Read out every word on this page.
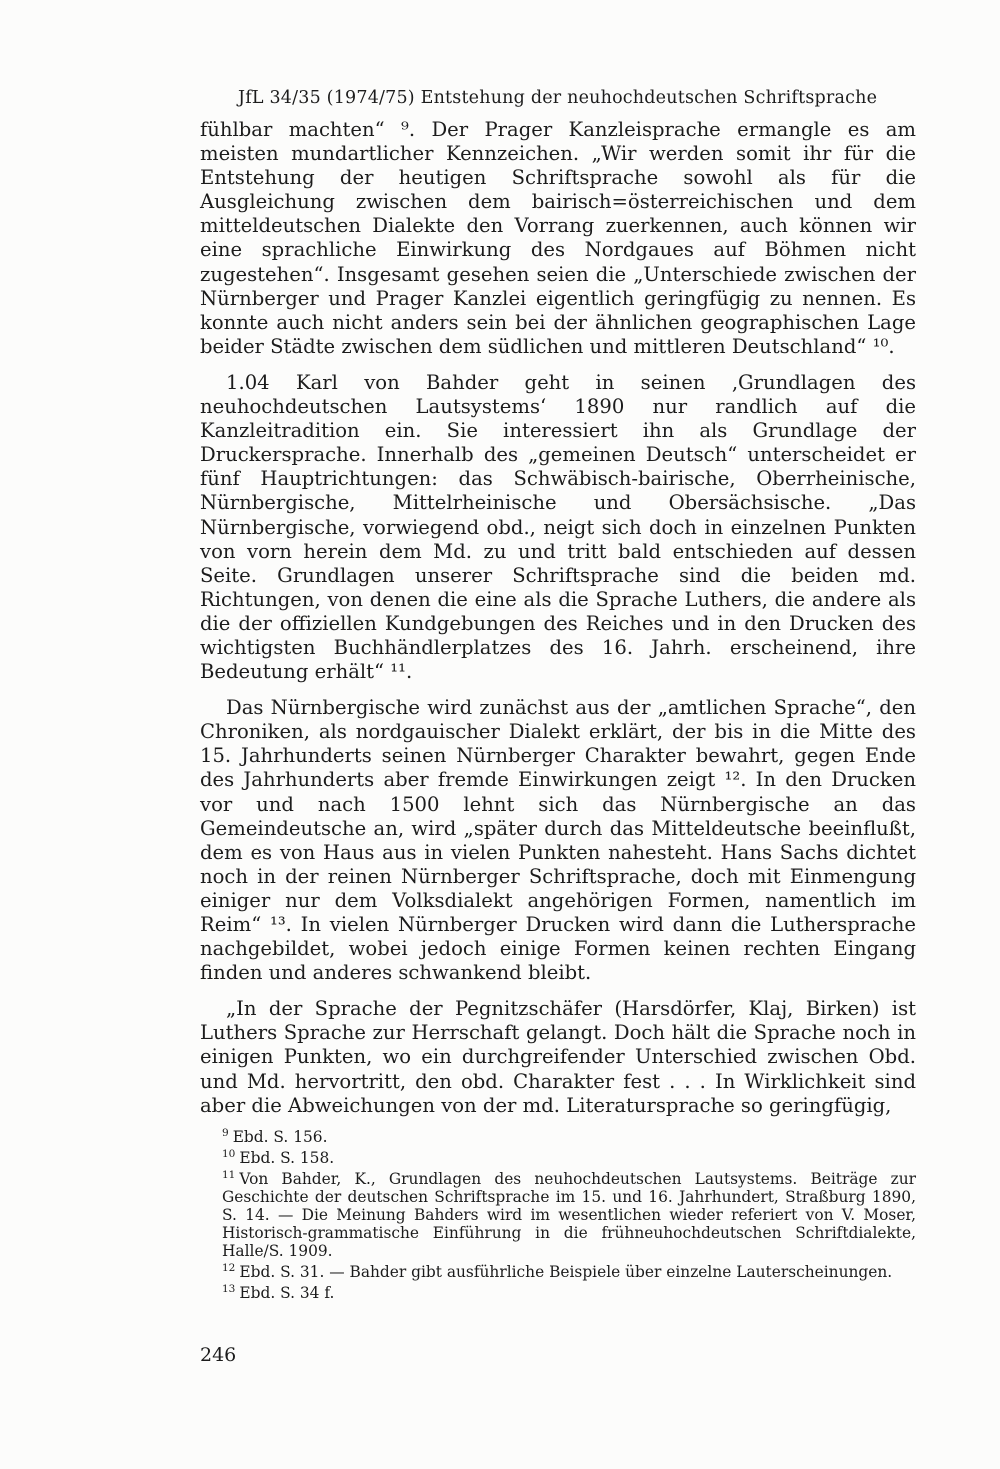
JfL 34/35 (1974/75) Entstehung der neuhochdeutschen Schriftsprache

fühlbar machten“ ⁹. Der Prager Kanzleisprache ermangle es am meisten mundartlicher Kennzeichen. „Wir werden somit ihr für die Entstehung der heutigen Schriftsprache sowohl als für die Ausgleichung zwischen dem bairisch=österreichischen und dem mitteldeutschen Dialekte den Vorrang zuerkennen, auch können wir eine sprachliche Einwirkung des Nordgaues auf Böhmen nicht zugestehen“. Insgesamt gesehen seien die „Unterschiede zwischen der Nürnberger und Prager Kanzlei eigentlich geringfügig zu nennen. Es konnte auch nicht anders sein bei der ähnlichen geographischen Lage beider Städte zwischen dem südlichen und mittleren Deutschland“ ¹⁰.

1.04 Karl von Bahder geht in seinen ‚Grundlagen des neuhochdeutschen Lautsystems‘ 1890 nur randlich auf die Kanzleitradition ein. Sie interessiert ihn als Grundlage der Druckersprache. Innerhalb des „gemeinen Deutsch“ unterscheidet er fünf Hauptrichtungen: das Schwäbisch-bairische, Oberrheinische, Nürnbergische, Mittelrheinische und Obersächsische. „Das Nürnbergische, vorwiegend obd., neigt sich doch in einzelnen Punkten von vorn herein dem Md. zu und tritt bald entschieden auf dessen Seite. Grundlagen unserer Schriftsprache sind die beiden md. Richtungen, von denen die eine als die Sprache Luthers, die andere als die der offiziellen Kundgebungen des Reiches und in den Drucken des wichtigsten Buchhändlerplatzes des 16. Jahrh. erscheinend, ihre Bedeutung erhält“ ¹¹.

Das Nürnbergische wird zunächst aus der „amtlichen Sprache“, den Chroniken, als nordgauischer Dialekt erklärt, der bis in die Mitte des 15. Jahrhunderts seinen Nürnberger Charakter bewahrt, gegen Ende des Jahrhunderts aber fremde Einwirkungen zeigt ¹². In den Drucken vor und nach 1500 lehnt sich das Nürnbergische an das Gemeindeutsche an, wird „später durch das Mitteldeutsche beeinflußt, dem es von Haus aus in vielen Punkten nahesteht. Hans Sachs dichtet noch in der reinen Nürnberger Schriftsprache, doch mit Einmengung einiger nur dem Volksdialekt angehörigen Formen, namentlich im Reim“ ¹³. In vielen Nürnberger Drucken wird dann die Luthersprache nachgebildet, wobei jedoch einige Formen keinen rechten Eingang finden und anderes schwankend bleibt.

„In der Sprache der Pegnitzschäfer (Harsdörfer, Klaj, Birken) ist Luthers Sprache zur Herrschaft gelangt. Doch hält die Sprache noch in einigen Punkten, wo ein durchgreifender Unterschied zwischen Obd. und Md. hervortritt, den obd. Charakter fest . . . In Wirklichkeit sind aber die Abweichungen von der md. Literatursprache so geringfügig,

9 Ebd. S. 156.
10 Ebd. S. 158.
11 Von Bahder, K., Grundlagen des neuhochdeutschen Lautsystems. Beiträge zur Geschichte der deutschen Schriftsprache im 15. und 16. Jahrhundert, Straßburg 1890, S. 14. — Die Meinung Bahders wird im wesentlichen wieder referiert von V. Moser, Historisch-grammatische Einführung in die frühneuhochdeutschen Schriftdialekte, Halle/S. 1909.
12 Ebd. S. 31. — Bahder gibt ausführliche Beispiele über einzelne Lauterscheinungen.
13 Ebd. S. 34 f.
246
